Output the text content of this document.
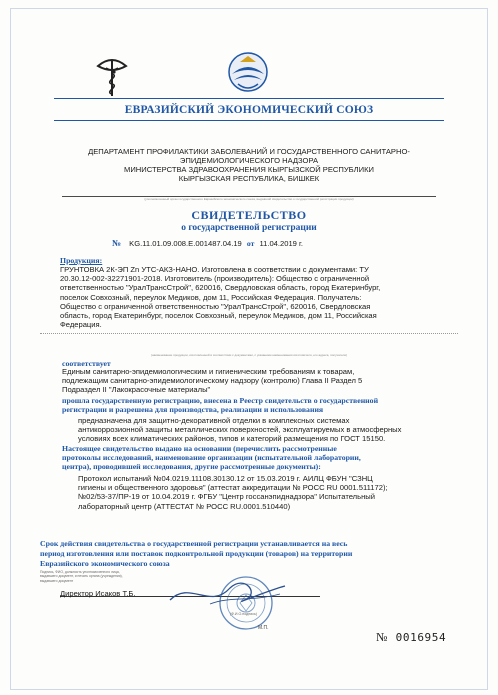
ЕВРАЗИЙСКИЙ ЭКОНОМИЧЕСКИЙ СОЮЗ
ДЕПАРТАМЕНТ ПРОФИЛАКТИКИ ЗАБОЛЕВАНИЙ И ГОСУДАРСТВЕННОГО САНИТАРНО-
ЭПИДЕМИОЛОГИЧЕСКОГО НАДЗОРА
МИНИСТЕРСТВА ЗДРАВООХРАНЕНИЯ КЫРГЫЗСКОЙ РЕСПУБЛИКИ
КЫРГЫЗСКАЯ РЕСПУБЛИКА, БИШКЕК
(уполномоченный орган государственного Евразийского экономического союза, выдавший свидетельство о государственной регистрации продукции)
СВИДЕТЕЛЬСТВО
о государственной регистрации
№ KG.11.01.09.008.E.001487.04.19 от 11.04.2019 г.
Продукция:
ГРУНТОВКА 2К-ЭП Zn УТС-АКЗ-НАНО. Изготовлена в соответствии с документами: ТУ
20.30.12-002-32271901-2018. Изготовитель (производитель): Общество с ограниченной
ответственностью "УралТрансСтрой", 620016, Свердловская область, город Екатеринбург,
поселок Совхозный, переулок Медиков, дом 11, Российская Федерация. Получатель:
Общество с ограниченной ответственностью "УралТрансСтрой", 620016, Свердловская
область, город Екатеринбург, поселок Совхозный, переулок Медиков, дом 11, Российская
Федерация.
(наименование продукции, изготовленной в соответствии с документами, с указанием наименования изготовителя, его адреса, получателя)
соответствует
Единым санитарно-эпидемиологическим и гигиеническим требованиям к товарам,
подлежащим санитарно-эпидемиологическому надзору (контролю) Глава II Раздел 5
Подраздел II "Лакокрасочные материалы"
прошла государственную регистрацию, внесена в Реестр свидетельств о государственной
регистрации и разрешена для производства, реализации и использования
предназначена для защитно-декоративной отделки в комплексных системах
антикоррозионной защиты металлических поверхностей, эксплуатируемых в атмосферных
условиях всех климатических районов, типов и категорий размещения по ГОСТ 15150.
Настоящее свидетельство выдано на основании (перечислить рассмотренные
протоколы исследований, наименование организации (испытательной лаборатории,
центра), проводившей исследования, другие рассмотренные документы):
Протокол испытаний №04.0219.11108.30130.12 от 15.03.2019 г. АИЛЦ ФБУН "СЗНЦ
гигиены и общественного здоровья" (аттестат аккредитации № РОСС RU 0001.511172);
№02/53-37/ПР-19 от 10.04.2019 г. ФГБУ "Центр госсанэпиднадзора" Испытательный
лабораторный центр (АТТЕСТАТ № РОСС RU.0001.510440)
Срок действия свидетельства о государственной регистрации устанавливается на весь
период изготовления или поставок подконтрольной продукции (товаров) на территории
Евразийского экономического союза
Подпись, ФИО, должность уполномоченного лица,
выдавшего документ, и печать органа (учреждения),
выдавшего документ
Директор Исаков Т.Б.
(Ф.И.О.подпись)
М.П.
№ 0016954
